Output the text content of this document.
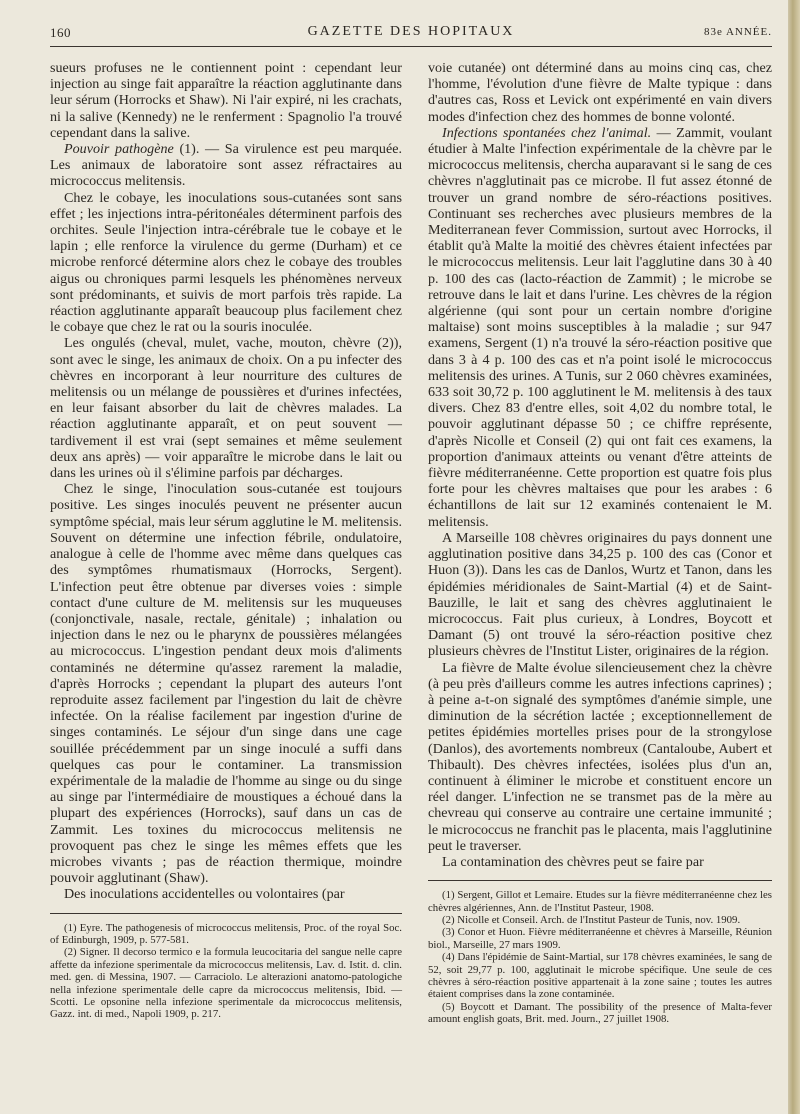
160	GAZETTE DES HOPITAUX	83e ANNÉE.

sueurs profuses ne le contiennent point : cependant leur injection au singe fait apparaître la réaction agglutinante dans leur sérum (Horrocks et Shaw). Ni l'air expiré, ni les crachats, ni la salive (Kennedy) ne le renferment : Spagnolio l'a trouvé cependant dans la salive.

Pouvoir pathogène (1). — Sa virulence est peu marquée. Les animaux de laboratoire sont assez réfractaires au micrococcus melitensis.

Chez le cobaye, les inoculations sous-cutanées sont sans effet ; les injections intra-péritonéales déterminent parfois des orchites. Seule l'injection intra-cérébrale tue le cobaye et le lapin ; elle renforce la virulence du germe (Durham) et ce microbe renforcé détermine alors chez le cobaye des troubles aigus ou chroniques parmi lesquels les phénomènes nerveux sont prédominants, et suivis de mort parfois très rapide. La réaction agglutinante apparaît beaucoup plus facilement chez le cobaye que chez le rat ou la souris inoculée.

Les ongulés (cheval, mulet, vache, mouton, chèvre (2)), sont avec le singe, les animaux de choix. On a pu infecter des chèvres en incorporant à leur nourriture des cultures de melitensis ou un mélange de poussières et d'urines infectées, en leur faisant absorber du lait de chèvres malades. La réaction agglutinante apparaît, et on peut souvent — tardivement il est vrai (sept semaines et même seulement deux ans après) — voir apparaître le microbe dans le lait ou dans les urines où il s'élimine parfois par décharges.

Chez le singe, l'inoculation sous-cutanée est toujours positive. Les singes inoculés peuvent ne présenter aucun symptôme spécial, mais leur sérum agglutine le M. melitensis. Souvent on détermine une infection fébrile, ondulatoire, analogue à celle de l'homme avec même dans quelques cas des symptômes rhumatismaux (Horrocks, Sergent). L'infection peut être obtenue par diverses voies : simple contact d'une culture de M. melitensis sur les muqueuses (conjonctivale, nasale, rectale, génitale) ; inhalation ou injection dans le nez ou le pharynx de poussières mélangées au micrococcus. L'ingestion pendant deux mois d'aliments contaminés ne détermine qu'assez rarement la maladie, d'après Horrocks ; cependant la plupart des auteurs l'ont reproduite assez facilement par l'ingestion du lait de chèvre infectée. On la réalise facilement par ingestion d'urine de singes contaminés. Le séjour d'un singe dans une cage souillée précédemment par un singe inoculé a suffi dans quelques cas pour le contaminer. La transmission expérimentale de la maladie de l'homme au singe ou du singe au singe par l'intermédiaire de moustiques a échoué dans la plupart des expériences (Horrocks), sauf dans un cas de Zammit. Les toxines du micrococcus melitensis ne provoquent pas chez le singe les mêmes effets que les microbes vivants ; pas de réaction thermique, moindre pouvoir agglutinant (Shaw).

Des inoculations accidentelles ou volontaires (par

(1) Eyre. The pathogenesis of micrococcus melitensis, Proc. of the royal Soc. of Edinburgh, 1909, p. 577-581.

(2) Signer. Il decorso termico e la formula leucocitaria del sangue nelle capre affette da infezione sperimentale da micrococcus melitensis, Lav. d. Istit. d. clin. med. gen. di Messina, 1907. — Carraciolo. Le alterazioni anatomo-patologiche nella infezione sperimentale delle capre da micrococcus melitensis, Ibid. — Scotti. Le opsonine nella infezione sperimentale da micrococcus melitensis, Gazz. int. di med., Napoli 1909, p. 217.

voie cutanée) ont déterminé dans au moins cinq cas, chez l'homme, l'évolution d'une fièvre de Malte typique : dans d'autres cas, Ross et Levick ont expérimenté en vain divers modes d'infection chez des hommes de bonne volonté.

Infections spontanées chez l'animal. — Zammit, voulant étudier à Malte l'infection expérimentale de la chèvre par le micrococcus melitensis, chercha auparavant si le sang de ces chèvres n'agglutinait pas ce microbe. Il fut assez étonné de trouver un grand nombre de séro-réactions positives. Continuant ses recherches avec plusieurs membres de la Mediterranean fever Commission, surtout avec Horrocks, il établit qu'à Malte la moitié des chèvres étaient infectées par le micrococcus melitensis. Leur lait l'agglutine dans 30 à 40 p. 100 des cas (lacto-réaction de Zammit) ; le microbe se retrouve dans le lait et dans l'urine. Les chèvres de la région algérienne (qui sont pour un certain nombre d'origine maltaise) sont moins susceptibles à la maladie ; sur 947 examens, Sergent (1) n'a trouvé la séro-réaction positive que dans 3 à 4 p. 100 des cas et n'a point isolé le micrococcus melitensis des urines. A Tunis, sur 2 060 chèvres examinées, 633 soit 30,72 p. 100 agglutinent le M. melitensis à des taux divers. Chez 83 d'entre elles, soit 4,02 du nombre total, le pouvoir agglutinant dépasse 50 ; ce chiffre représente, d'après Nicolle et Conseil (2) qui ont fait ces examens, la proportion d'animaux atteints ou venant d'être atteints de fièvre méditerranéenne. Cette proportion est quatre fois plus forte pour les chèvres maltaises que pour les arabes : 6 échantillons de lait sur 12 examinés contenaient le M. melitensis.

A Marseille 108 chèvres originaires du pays donnent une agglutination positive dans 34,25 p. 100 des cas (Conor et Huon (3)). Dans les cas de Danlos, Wurtz et Tanon, dans les épidémies méridionales de Saint-Martial (4) et de Saint-Bauzille, le lait et sang des chèvres agglutinaient le micrococcus. Fait plus curieux, à Londres, Boycott et Damant (5) ont trouvé la séro-réaction positive chez plusieurs chèvres de l'Institut Lister, originaires de la région.

La fièvre de Malte évolue silencieusement chez la chèvre (à peu près d'ailleurs comme les autres infections caprines) ; à peine a-t-on signalé des symptômes d'anémie simple, une diminution de la sécrétion lactée ; exceptionnellement de petites épidémies mortelles prises pour de la strongylose (Danlos), des avortements nombreux (Cantaloube, Aubert et Thibault). Des chèvres infectées, isolées plus d'un an, continuent à éliminer le microbe et constituent encore un réel danger. L'infection ne se transmet pas de la mère au chevreau qui conserve au contraire une certaine immunité ; le micrococcus ne franchit pas le placenta, mais l'agglutinine peut le traverser.

La contamination des chèvres peut se faire par

(1) Sergent, Gillot et Lemaire. Etudes sur la fièvre méditerranéenne chez les chèvres algériennes, Ann. de l'Institut Pasteur, 1908.

(2) Nicolle et Conseil. Arch. de l'Institut Pasteur de Tunis, nov. 1909.

(3) Conor et Huon. Fièvre méditerranéenne et chèvres à Marseille, Réunion biol., Marseille, 27 mars 1909.

(4) Dans l'épidémie de Saint-Martial, sur 178 chèvres examinées, le sang de 52, soit 29,77 p. 100, agglutinait le microbe spécifique. Une seule de ces chèvres à séro-réaction positive appartenait à la zone saine ; toutes les autres étaient comprises dans la zone contaminée.

(5) Boycott et Damant. The possibility of the presence of Malta-fever amount english goats, Brit. med. Journ., 27 juillet 1908.
